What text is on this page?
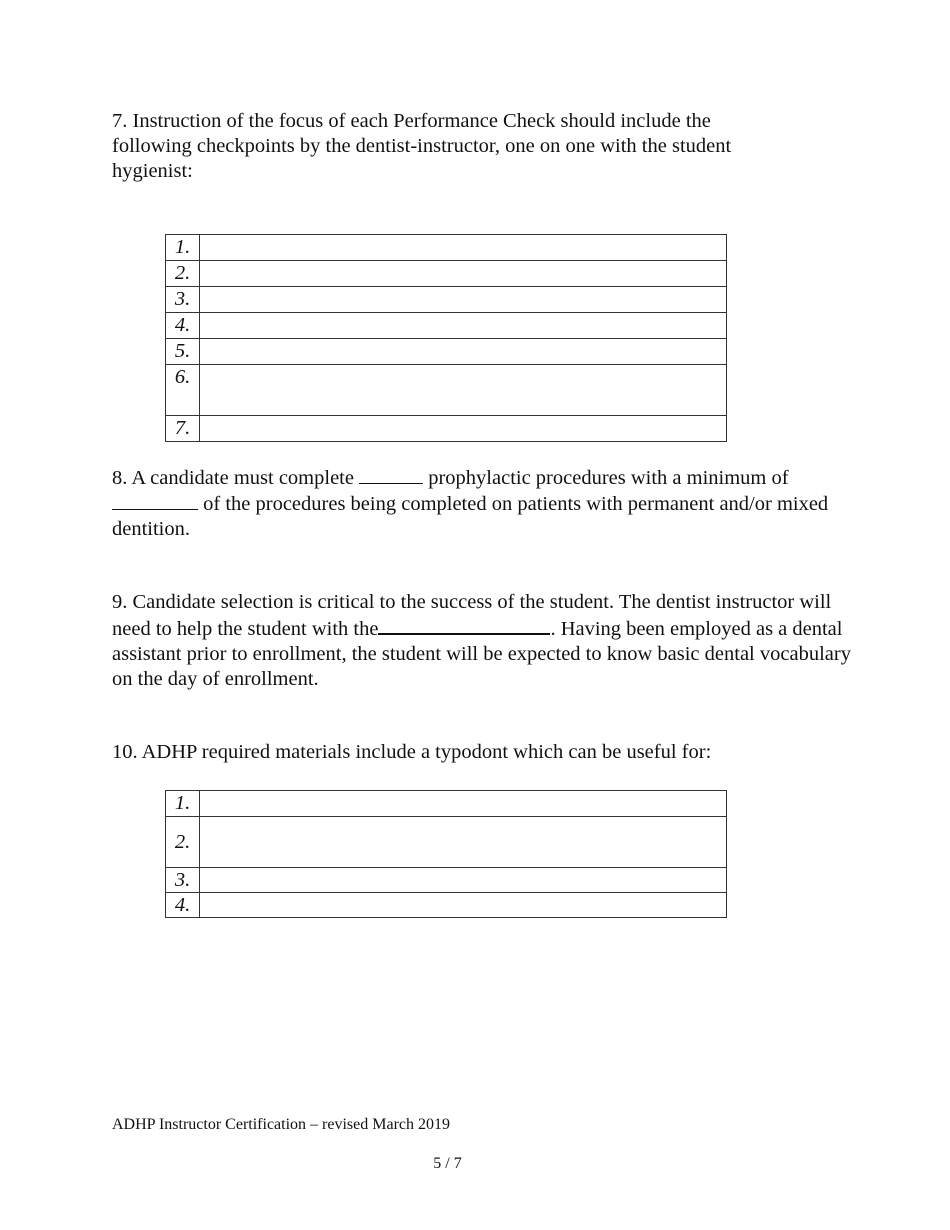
7. Instruction of the focus of each Performance Check should include the following checkpoints by the dentist-instructor, one on one with the student hygienist:

1.	
2.	
3.	
4.	
5.	
6.	
7.	

8. A candidate must complete	prophylactic procedures with a minimum of  of the procedures being completed on patients with permanent and/or mixed dentition.

9. Candidate selection is critical to the success of the student. The dentist instructor will need to help the student with the	. Having been employed as a dental assistant prior to enrollment, the student will be expected to know basic dental vocabulary on the day of enrollment.

10. ADHP required materials include a typodont which can be useful for:

1.	
2.	
3.	
4.	
ADHP Instructor Certification – revised March 2019
5 / 7
